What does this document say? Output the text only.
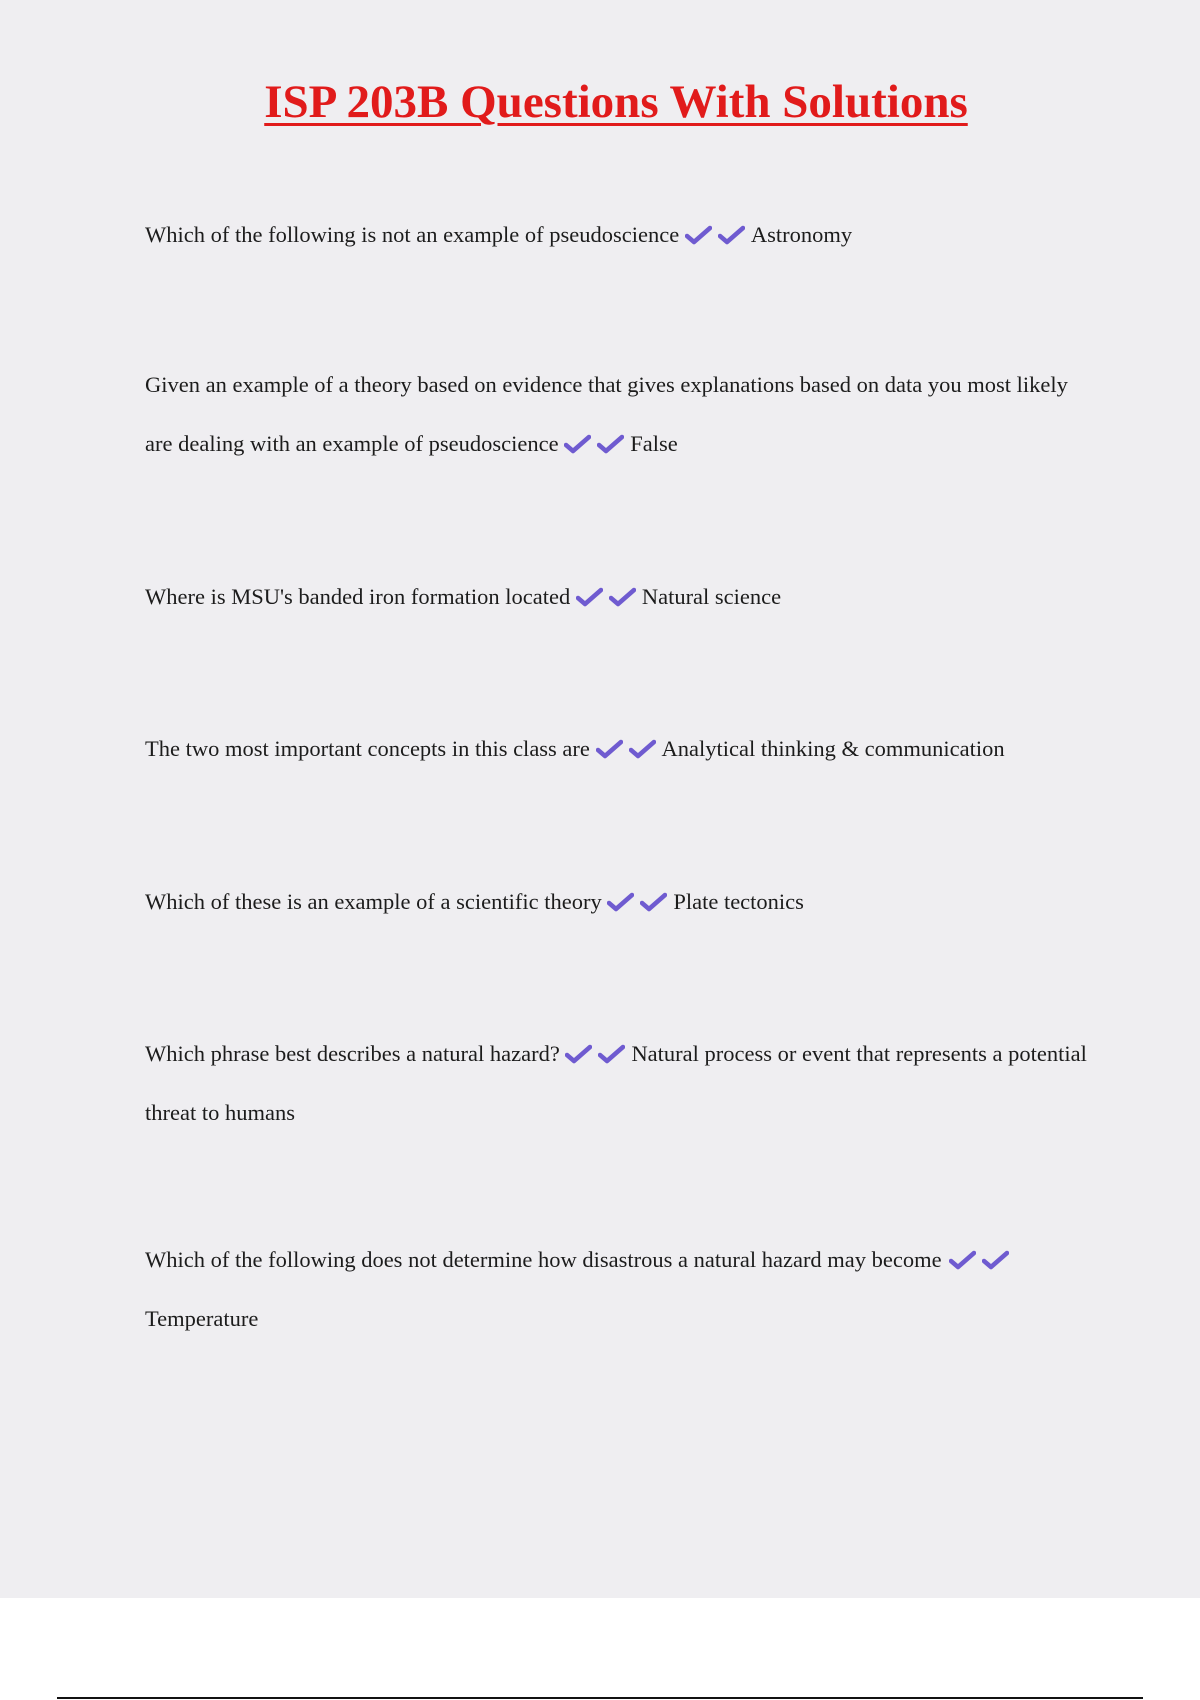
ISP 203B Questions With Solutions

Which of the following is not an example of pseudoscience	Astronomy

Given an example of a theory based on evidence that gives explanations based on data you most likely are dealing with an example of pseudoscience	False

Where is MSU's banded iron formation located	Natural science

The two most important concepts in this class are	Analytical thinking & communication

Which of these is an example of a scientific theory	Plate tectonics

Which phrase best describes a natural hazard?	Natural process or event that represents a potential threat to humans

Which of the following does not determine how disastrous a natural hazard may become
Temperature
